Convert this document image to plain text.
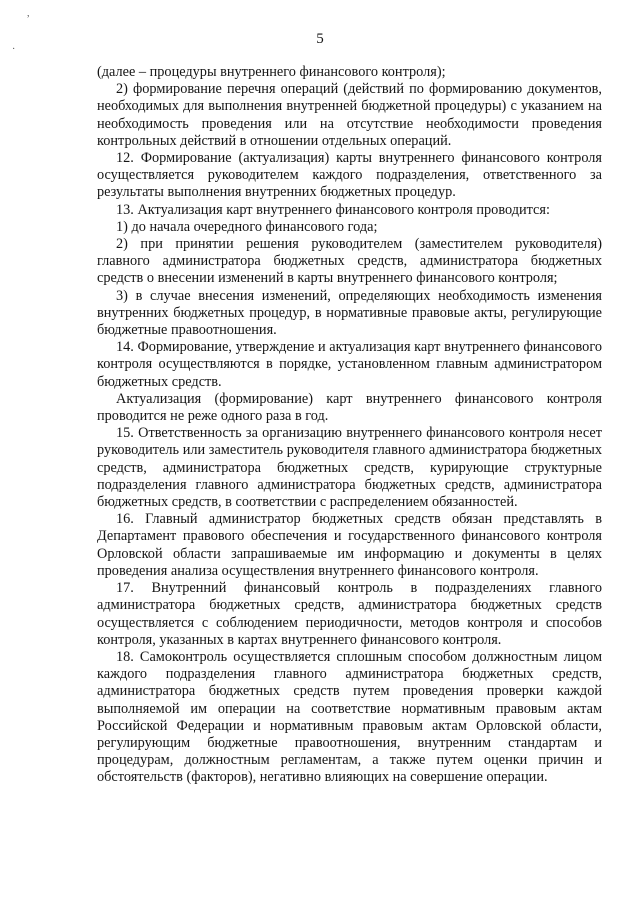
,
·
5

(далее – процедуры внутреннего финансового контроля);

2) формирование перечня операций (действий по формированию документов, необходимых для выполнения внутренней бюджетной процедуры) с указанием на необходимость проведения или на отсутствие необходимости проведения контрольных действий в отношении отдельных операций.

12. Формирование (актуализация) карты внутреннего финансового контроля осуществляется руководителем каждого подразделения, ответственного за результаты выполнения внутренних бюджетных процедур.

13. Актуализация карт внутреннего финансового контроля проводится:

1) до начала очередного финансового года;

2) при принятии решения руководителем (заместителем руководителя) главного администратора бюджетных средств, администратора бюджетных средств о внесении изменений в карты внутреннего финансового контроля;

3) в случае внесения изменений, определяющих необходимость изменения внутренних бюджетных процедур, в нормативные правовые акты, регулирующие бюджетные правоотношения.

14. Формирование, утверждение и актуализация карт внутреннего финансового контроля осуществляются в порядке, установленном главным администратором бюджетных средств.

Актуализация (формирование) карт внутреннего финансового контроля проводится не реже одного раза в год.

15. Ответственность за организацию внутреннего финансового контроля несет руководитель или заместитель руководителя главного администратора бюджетных средств, администратора бюджетных средств, курирующие структурные подразделения главного администратора бюджетных средств, администратора бюджетных средств, в соответствии с распределением обязанностей.

16. Главный администратор бюджетных средств обязан представлять в Департамент правового обеспечения и государственного финансового контроля Орловской области запрашиваемые им информацию и документы в целях проведения анализа осуществления внутреннего финансового контроля.

17. Внутренний финансовый контроль в подразделениях главного администратора бюджетных средств, администратора бюджетных средств осуществляется с соблюдением периодичности, методов контроля и способов контроля, указанных в картах внутреннего финансового контроля.

18. Самоконтроль осуществляется сплошным способом должностным лицом каждого подразделения главного администратора бюджетных средств, администратора бюджетных средств путем проведения проверки каждой выполняемой им операции на соответствие нормативным правовым актам Российской Федерации и нормативным правовым актам Орловской области, регулирующим бюджетные правоотношения, внутренним стандартам и процедурам, должностным регламентам, а также путем оценки причин и обстоятельств (факторов), негативно влияющих на совершение операции.
